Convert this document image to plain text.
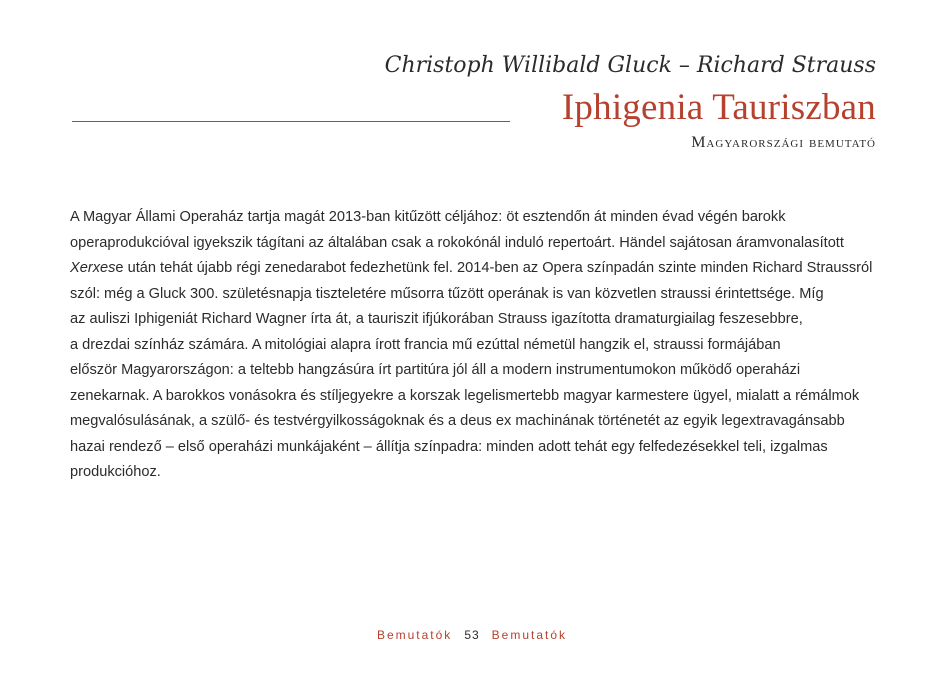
Christoph Willibald Gluck – Richard Strauss
Iphigenia Tauriszban
Magyarországi bemutató
A Magyar Állami Operaház tartja magát 2013-ban kitűzött céljához: öt esztendőn át minden évad végén barokk
operaprodukcióval igyekszik tágítani az általában csak a rokokónál induló repertoárt. Händel sajátosan áramvonalasított
Xerxese után tehát újabb régi zenedarabot fedezhetünk fel. 2014-ben az Opera színpadán szinte minden Richard Straussról
szól: még a Gluck 300. születésnapja tiszteletére műsorra tűzött operának is van közvetlen straussi érintettsége. Míg
az auliszi Iphigeniát Richard Wagner írta át, a tauriszit ifjúkorában Strauss igazította dramaturgiailag feszesebbre,
a drezdai színház számára. A mitológiai alapra írott francia mű ezúttal németül hangzik el, straussi formájában
először Magyarországon: a teltebb hangzásúra írt partitúra jól áll a modern instrumentumokon működő operaházi
zenekarnak. A barokkos vonásokra és stíljegyekre a korszak legelismertebb magyar karmestere ügyel, mialatt a rémálmok
megvalósulásának, a szülő- és testvérgyilkosságoknak és a deus ex machinának történetét az egyik legextravagánsabb
hazai rendező – első operaházi munkájaként – állítja színpadra: minden adott tehát egy felfedezésekkel teli, izgalmas
produkcióhoz.
Bemutatók 53 Bemutatók
